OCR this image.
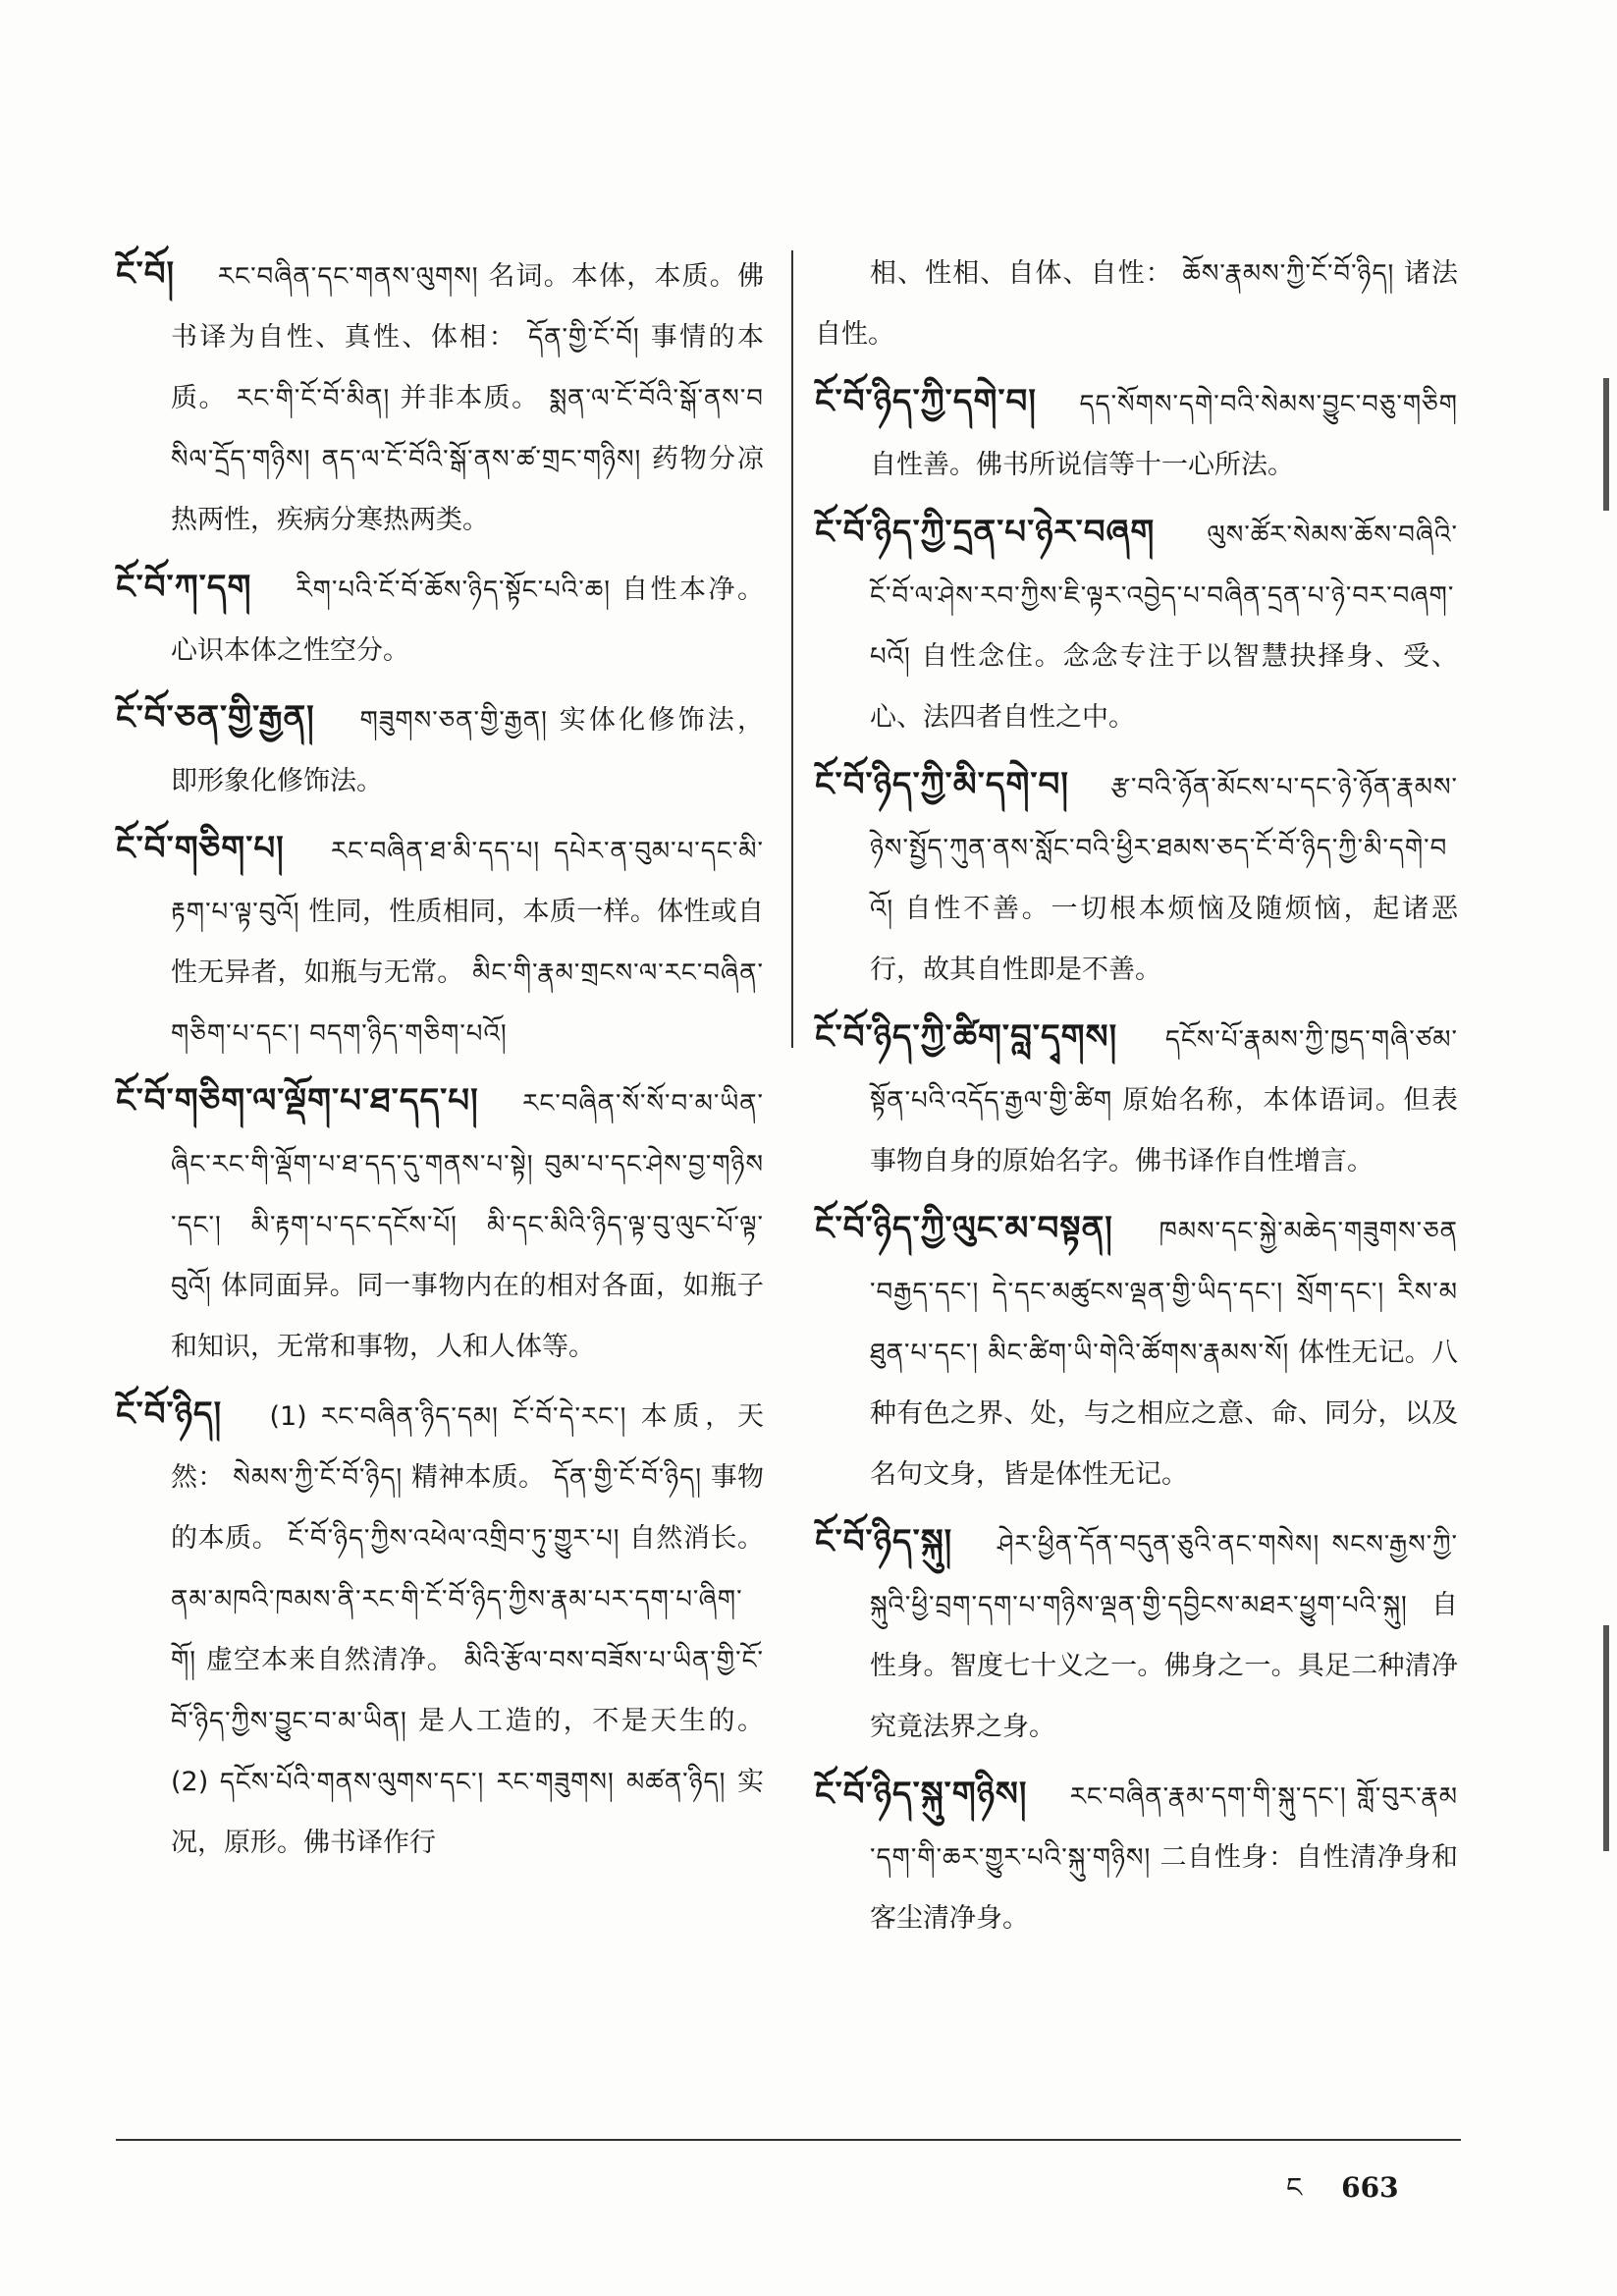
ངོ་བོ། རང་བཞིན་དང་གནས་ལུགས། 名词。本体，本质。佛书译为自性、真性、体相： དོན་གྱི་ངོ་བོ། 事情的本质。 རང་གི་ངོ་བོ་མིན། 并非本质。 སྨན་ལ་ངོ་བོའི་སྒོ་ནས་བསིལ་དྲོད་གཉིས། ནད་ལ་ངོ་བོའི་སྒོ་ནས་ཚ་གྲང་གཉིས། 药物分凉热两性，疾病分寒热两类。

ངོ་བོ་ཀ་དག རིག་པའི་ངོ་བོ་ཆོས་ཉིད་སྟོང་པའི་ཆ། 自性本净。心识本体之性空分。

ངོ་བོ་ཅན་གྱི་རྒྱན། གཟུགས་ཅན་གྱི་རྒྱན། 实体化修饰法，即形象化修饰法。

ངོ་བོ་གཅིག་པ། རང་བཞིན་ཐ་མི་དད་པ། དཔེར་ན་བུམ་པ་དང་མི་རྟག་པ་ལྟ་བུའོ། 性同，性质相同，本质一样。体性或自性无异者，如瓶与无常。 མིང་གི་རྣམ་གྲངས་ལ་རང་བཞིན་གཅིག་པ་དང་། བདག་ཉིད་གཅིག་པའོ།

ངོ་བོ་གཅིག་ལ་ལྡོག་པ་ཐ་དད་པ། རང་བཞིན་སོ་སོ་བ་མ་ཡིན་ཞིང་རང་གི་ལྡོག་པ་ཐ་དད་དུ་གནས་པ་སྟེ། བུམ་པ་དང་ཤེས་བྱ་གཉིས་དང་། མི་རྟག་པ་དང་དངོས་པོ། མི་དང་མིའི་ཉིད་ལྟ་བུ་ལུང་པོ་ལྟ་བུའོ། 体同面异。同一事物内在的相对各面，如瓶子和知识，无常和事物，人和人体等。

ངོ་བོ་ཉིད། (1) རང་བཞིན་ཉིད་དམ། ངོ་བོ་དེ་རང་། 本质，天然： སེམས་ཀྱི་ངོ་བོ་ཉིད། 精神本质。 དོན་གྱི་ངོ་བོ་ཉིད། 事物的本质。 ངོ་བོ་ཉིད་ཀྱིས་འཕེལ་འགྲིབ་ཏུ་གྱུར་པ། 自然消长。 ནམ་མཁའི་ཁམས་ནི་རང་གི་ངོ་བོ་ཉིད་ཀྱིས་རྣམ་པར་དག་པ་ཞིག་གོ། 虚空本来自然清净。 མིའི་རྩོལ་བས་བཟོས་པ་ཡིན་གྱི་ངོ་བོ་ཉིད་ཀྱིས་བྱུང་བ་མ་ཡིན། 是人工造的，不是天生的。 (2) དངོས་པོའི་གནས་ལུགས་དང་། རང་གཟུགས། མཚན་ཉིད། 实况，原形。佛书译作行

相、性相、自体、自性： ཆོས་རྣམས་ཀྱི་ངོ་བོ་ཉིད། 诸法自性。

ངོ་བོ་ཉིད་ཀྱི་དགེ་བ། དད་སོགས་དགེ་བའི་སེམས་བྱུང་བཅུ་གཅིག 自性善。佛书所说信等十一心所法。

ངོ་བོ་ཉིད་ཀྱི་དྲན་པ་ཉེར་བཞག ལུས་ཚོར་སེམས་ཆོས་བཞིའི་ངོ་བོ་ལ་ཤེས་རབ་ཀྱིས་ཇི་ལྟར་འབྱེད་པ་བཞིན་དྲན་པ་ཉེ་བར་བཞག་པའོ། 自性念住。念念专注于以智慧抉择身、受、心、法四者自性之中。

ངོ་བོ་ཉིད་ཀྱི་མི་དགེ་བ། རྩ་བའི་ཉོན་མོངས་པ་དང་ཉེ་ཉོན་རྣམས་ཉེས་སྤྱོད་ཀུན་ནས་སློང་བའི་ཕྱིར་ཐམས་ཅད་ངོ་བོ་ཉིད་ཀྱི་མི་དགེ་བའོ། 自性不善。一切根本烦恼及随烦恼，起诸恶行，故其自性即是不善。

ངོ་བོ་ཉིད་ཀྱི་ཚིག་བླ་དྭགས། དངོས་པོ་རྣམས་ཀྱི་ཁྱད་གཞི་ཙམ་སྟོན་པའི་འདོད་རྒྱལ་གྱི་ཚིག 原始名称，本体语词。但表事物自身的原始名字。佛书译作自性增言。

ངོ་བོ་ཉིད་ཀྱི་ལུང་མ་བསྟན། ཁམས་དང་སྐྱེ་མཆེད་གཟུགས་ཅན་བརྒྱད་དང་། དེ་དང་མཚུངས་ལྡན་གྱི་ཡིད་དང་། སྲོག་དང་། རིས་མཐུན་པ་དང་། མིང་ཚིག་ཡི་གེའི་ཚོགས་རྣམས་སོ། 体性无记。八种有色之界、处，与之相应之意、命、同分，以及名句文身，皆是体性无记。

ངོ་བོ་ཉིད་སྐུ། ཤེར་ཕྱིན་དོན་བདུན་ཅུའི་ནང་གསེས། སངས་རྒྱས་ཀྱི་སྐུའི་ཕྱི་བྲག་དག་པ་གཉིས་ལྡན་གྱི་དབྱིངས་མཐར་ཕྱུག་པའི་སྐུ། 自性身。智度七十义之一。佛身之一。具足二种清净究竟法界之身。

ངོ་བོ་ཉིད་སྐུ་གཉིས། རང་བཞིན་རྣམ་དག་གི་སྐུ་དང་། གློ་བུར་རྣམ་དག་གི་ཆར་གྱུར་པའི་སྐུ་གཉིས། 二自性身：自性清净身和客尘清净身。

ང 663
